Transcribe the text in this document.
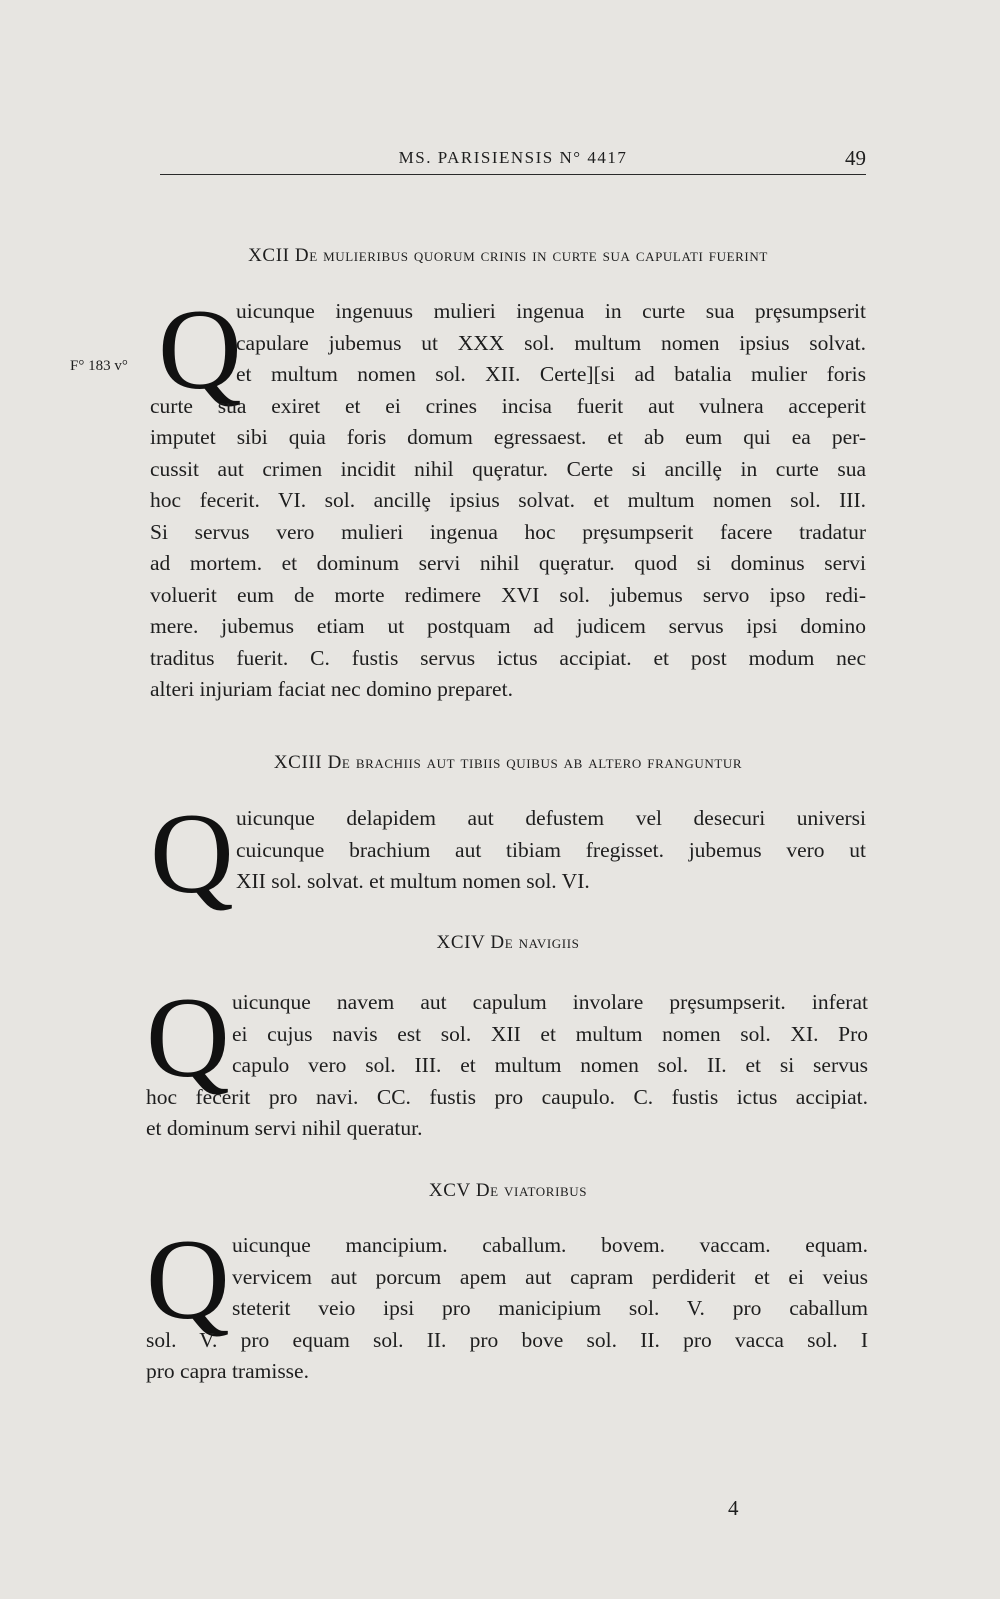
MS. PARISIENSIS N° 4417	49
F° 183 v°
XCII De mulieribus quorum crinis in curte sua capulati fuerint
Q
uicunque ingenuus mulieri ingenua in curte sua prȩsumpserit
capulare jubemus ut XXX sol. multum nomen ipsius solvat.
et multum nomen sol. XII. Certe][si ad batalia mulier foris
curte sua exiret et ei crines incisa fuerit aut vulnera acceperit
imputet sibi quia foris domum egressaest. et ab eum qui ea per-
cussit aut crimen incidit nihil quȩratur. Certe si ancillȩ in curte sua
hoc fecerit. VI. sol. ancillȩ ipsius solvat. et multum nomen sol. III.
Si servus vero mulieri ingenua hoc prȩsumpserit facere tradatur
ad mortem. et dominum servi nihil quȩratur. quod si dominus servi
voluerit eum de morte redimere XVI sol. jubemus servo ipso redi-
mere. jubemus etiam ut postquam ad judicem servus ipsi domino
traditus fuerit. C. fustis servus ictus accipiat. et post modum nec
alteri injuriam faciat nec domino preparet.
XCIII De brachiis aut tibiis quibus ab altero franguntur
Q uicunque delapidem aut defustem vel desecuri universi
cuicunque brachium aut tibiam fregisset. jubemus vero ut
XII sol. solvat. et multum nomen sol. VI.
XCIV De navigiis
Q uicunque navem aut capulum involare prȩsumpserit. inferat
ei cujus navis est sol. XII et multum nomen sol. XI. Pro
capulo vero sol. III. et multum nomen sol. II. et si servus
hoc fecerit pro navi. CC. fustis pro caupulo. C. fustis ictus accipiat.
et dominum servi nihil queratur.
XCV De viatoribus
Q uicunque mancipium. caballum. bovem. vaccam. equam.
vervicem aut porcum apem aut capram perdiderit et ei veius
steterit veio ipsi pro manicipium sol. V. pro caballum
sol. V. pro equam sol. II. pro bove sol. II. pro vacca sol. I
pro capra tramisse.
4
